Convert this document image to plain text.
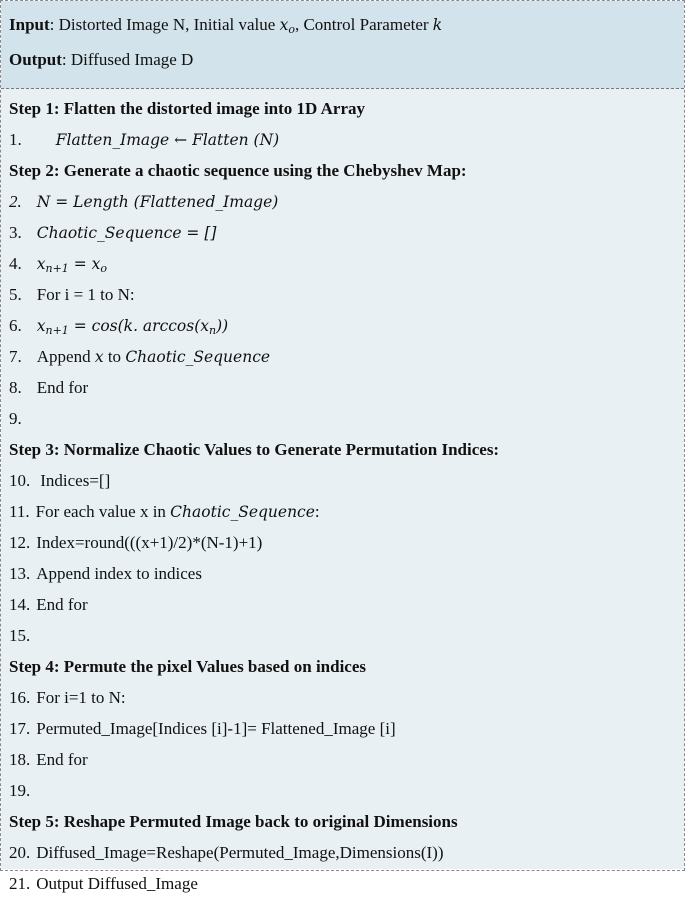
Input: Distorted Image N, Initial value $x_o$, Control Parameter k
Output: Diffused Image D
Step 1: Flatten the distorted image into 1D Array
1. Flatten_Image ← Flatten (N)
Step 2: Generate a chaotic sequence using the Chebyshev Map:
2. N = Length (Flattened_Image)
3. Chaotic_Sequence = []
4. $x_{n+1} = x_o$
5. For i = 1 to N:
6. $x_{n+1} = \cos(k$. $\arccos(x_n)$)
7. Append x to Chaotic_Sequence
8. End for
9.
Step 3: Normalize Chaotic Values to Generate Permutation Indices:
10. Indices=[]
11. For each value x in Chaotic_Sequence:
12. Index=round(((x+1)/2)*(N-1)+1)
13. Append index to indices
14. End for
15.
Step 4: Permute the pixel Values based on indices
16. For i=1 to N:
17. Permuted_Image[Indices [i]-1]= Flattened_Image [i]
18. End for
19.
Step 5: Reshape Permuted Image back to original Dimensions
20. Diffused_Image=Reshape(Permuted_Image,Dimensions(I))
21. Output Diffused_Image
